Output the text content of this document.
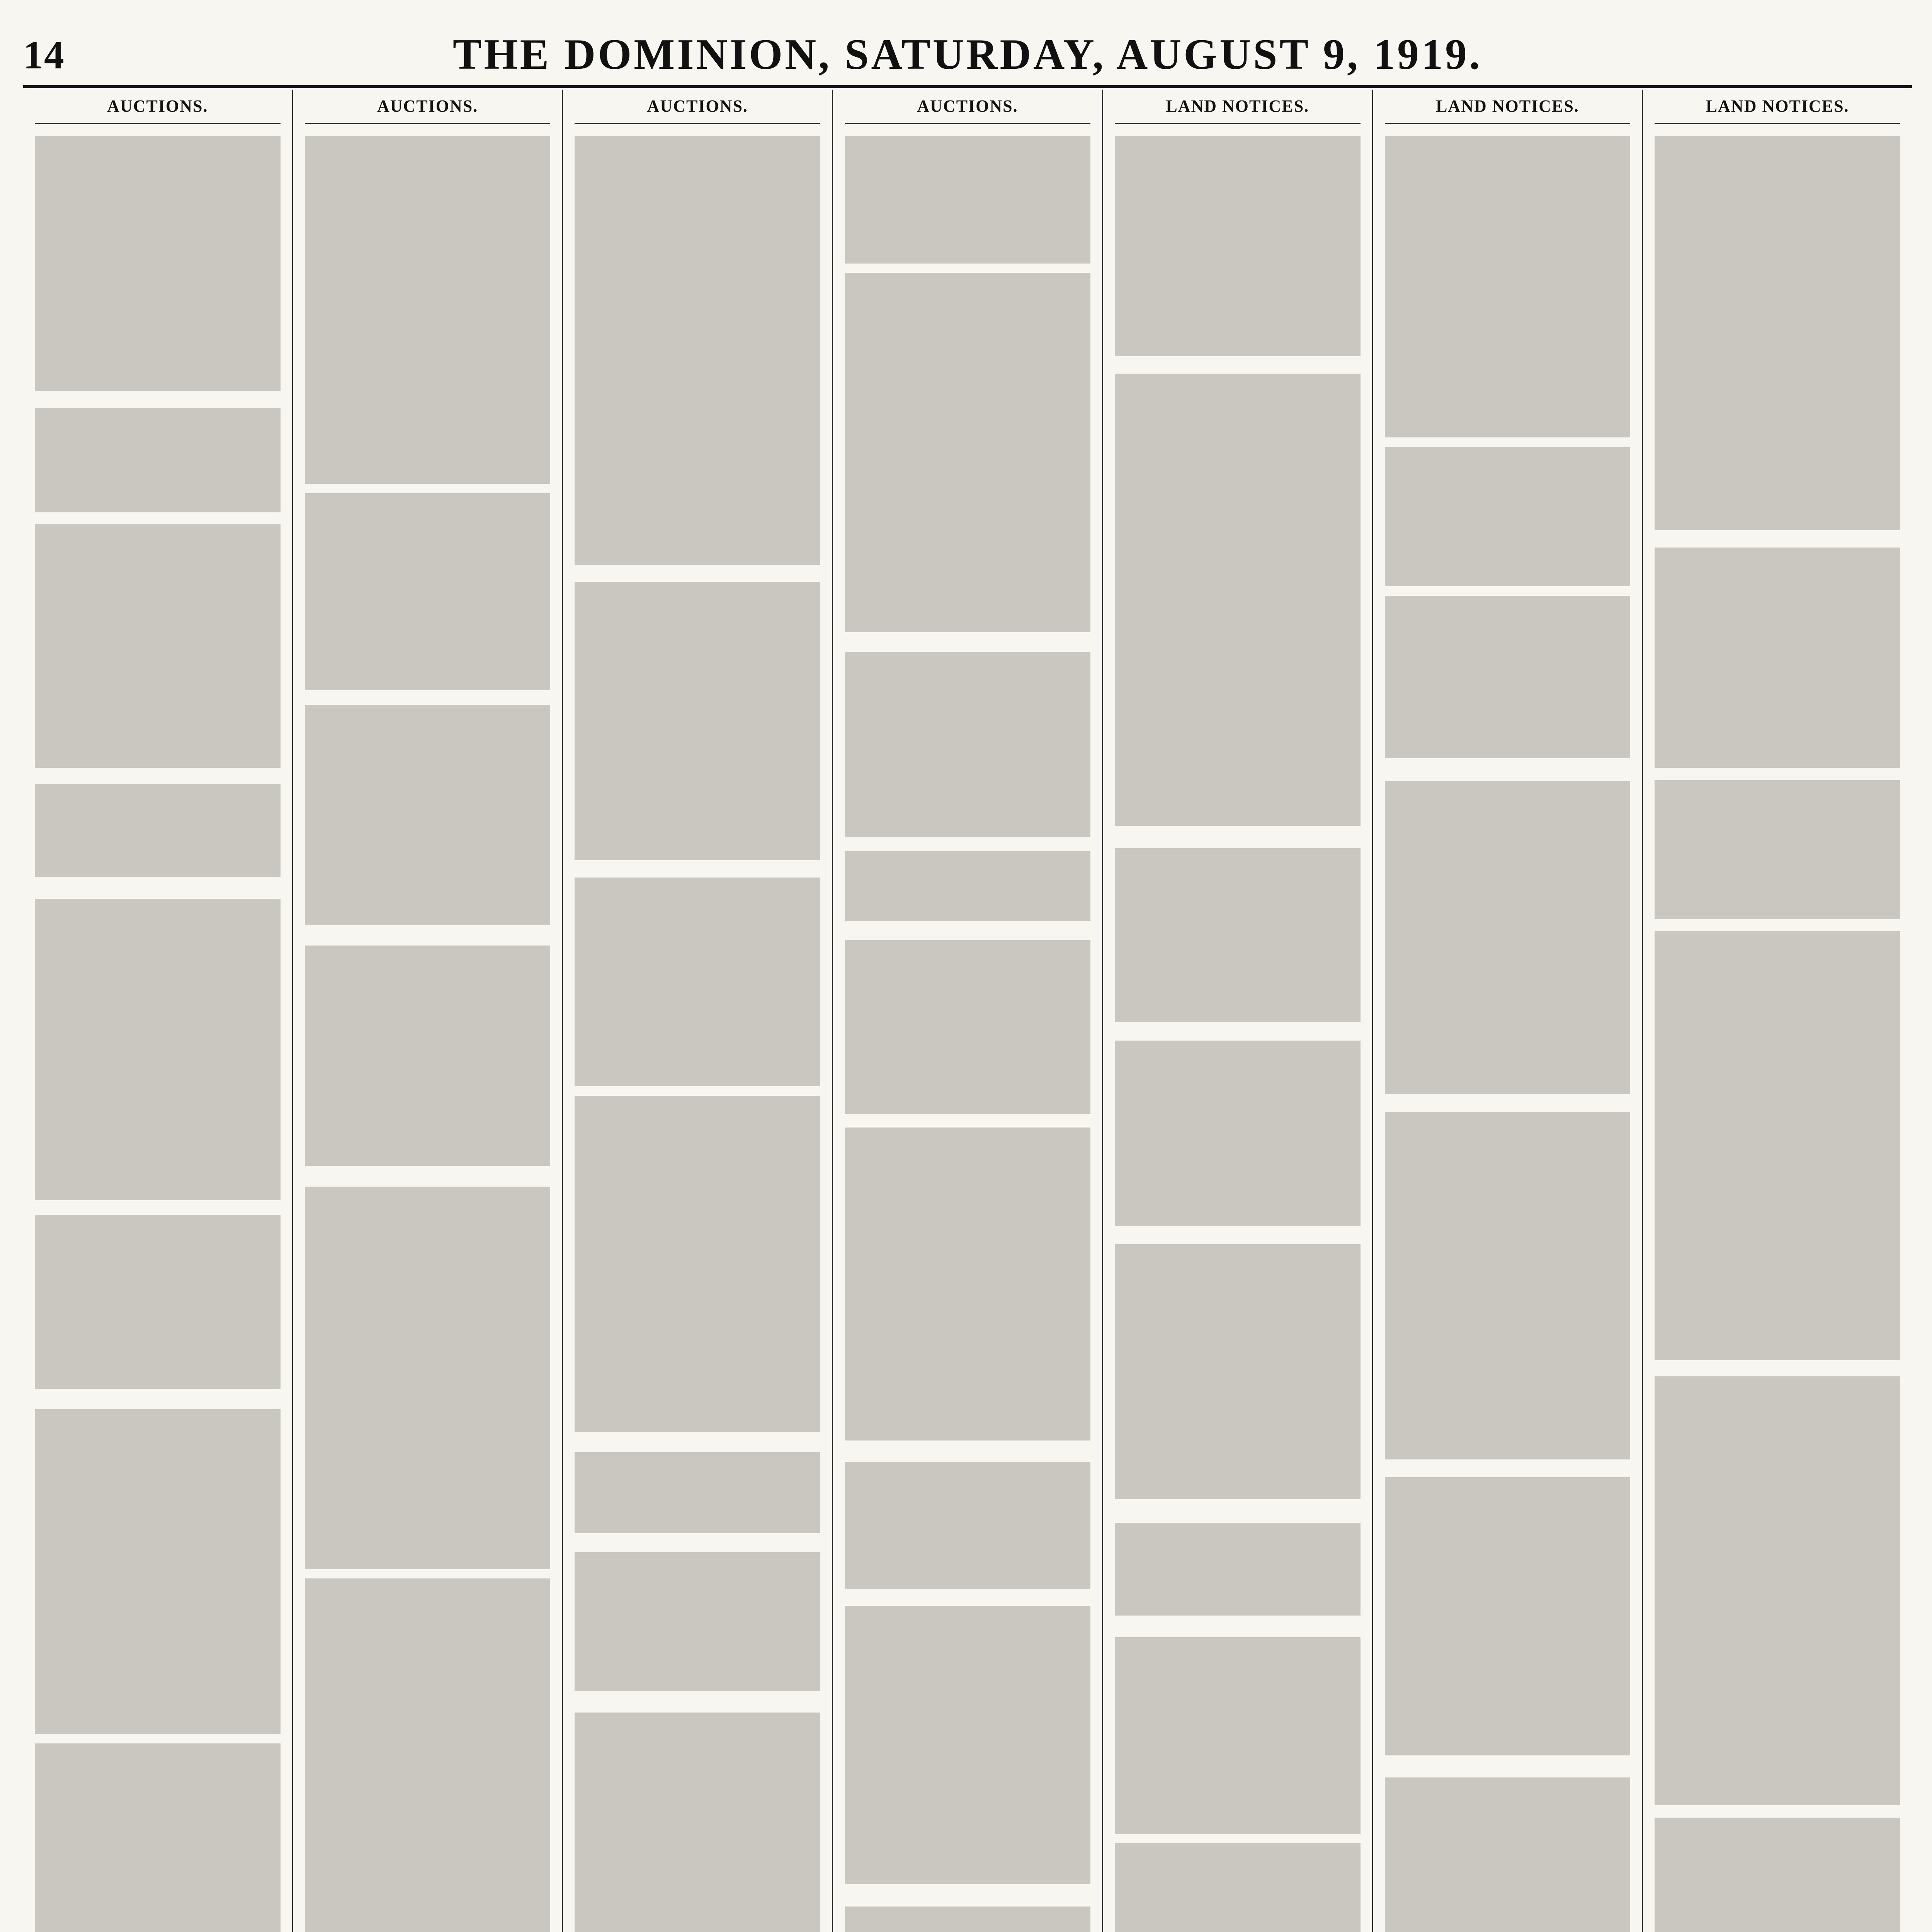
14	THE DOMINION, SATURDAY, AUGUST 9, 1919.
AUCTIONS.	AUCTIONS.	AUCTIONS.	AUCTIONS.	LAND NOTICES.	LAND NOTICES.	LAND NOTICES.
